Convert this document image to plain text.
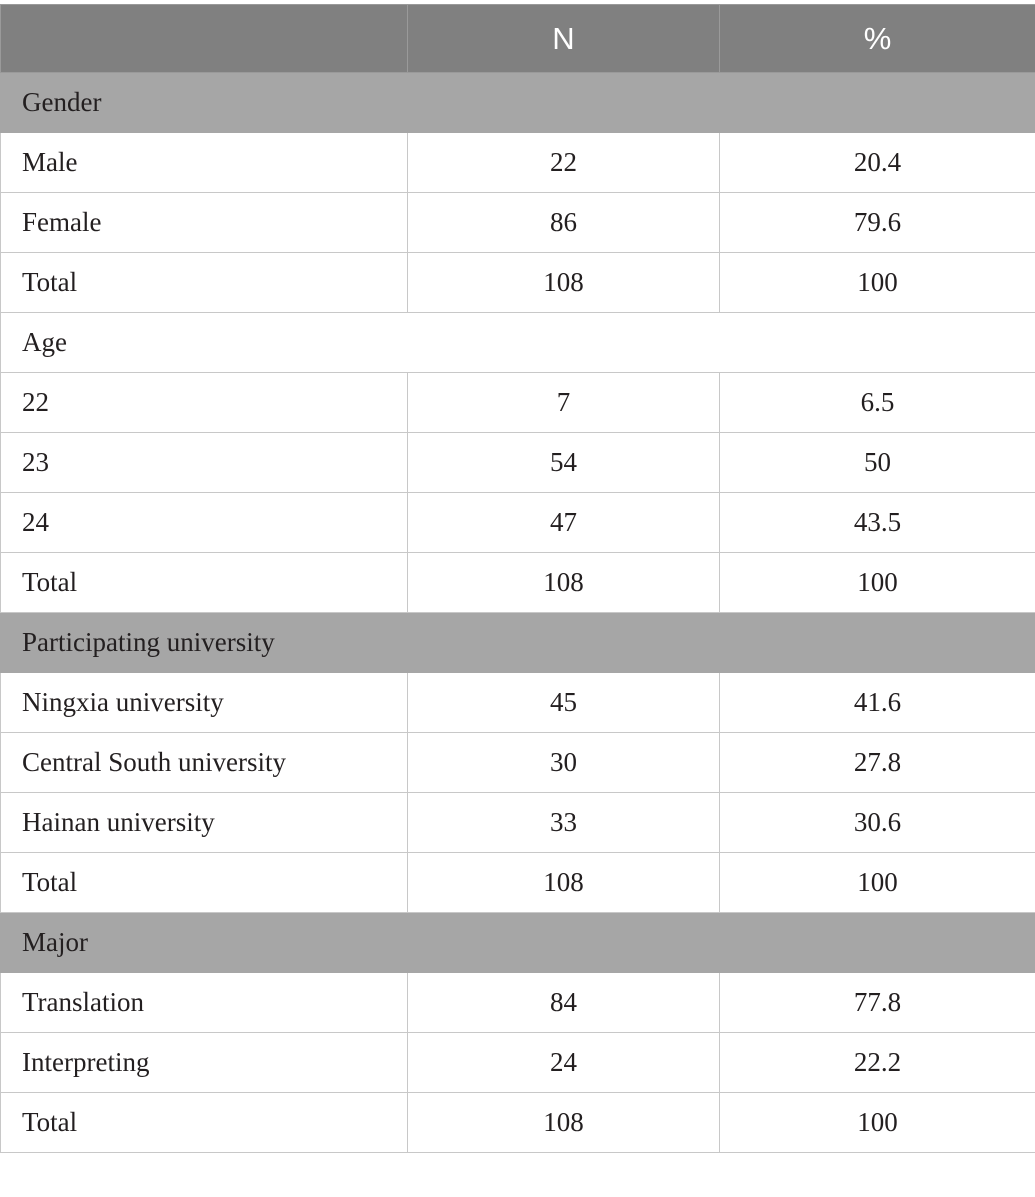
	N	%
Gender		
Male	22	20.4
Female	86	79.6
Total	108	100
Age		
22	7	6.5
23	54	50
24	47	43.5
Total	108	100
Participating university		
Ningxia university	45	41.6
Central South university	30	27.8
Hainan university	33	30.6
Total	108	100
Major		
Translation	84	77.8
Interpreting	24	22.2
Total	108	100
